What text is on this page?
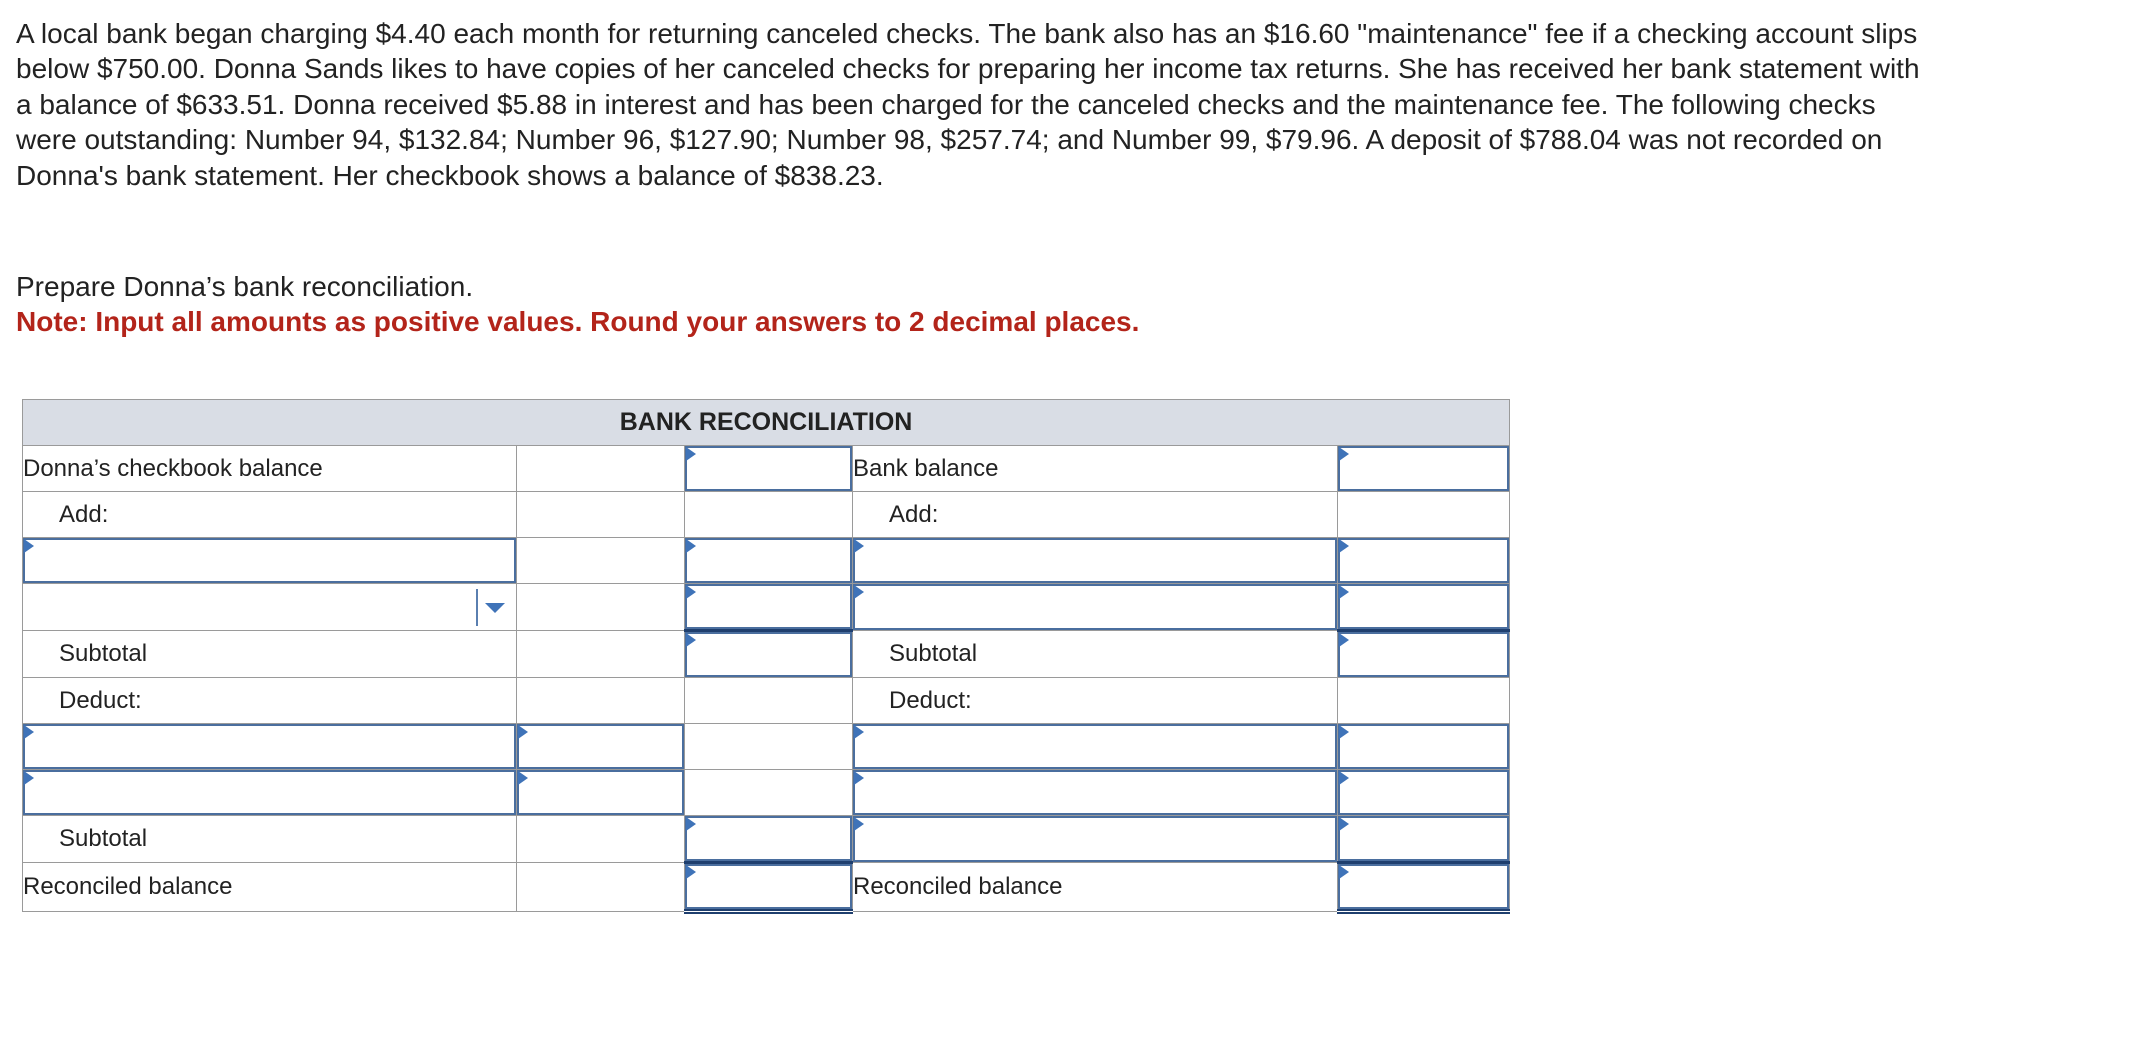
A local bank began charging $4.40 each month for returning canceled checks. The bank also has an $16.60 "maintenance" fee if a checking account slips below $750.00. Donna Sands likes to have copies of her canceled checks for preparing her income tax returns. She has received her bank statement with a balance of $633.51. Donna received $5.88 in interest and has been charged for the canceled checks and the maintenance fee. The following checks were outstanding: Number 94, $132.84; Number 96, $127.90; Number 98, $257.74; and Number 99, $79.96. A deposit of $788.04 was not recorded on Donna's bank statement. Her checkbook shows a balance of $838.23.

Prepare Donna’s bank reconciliation.

Note: Input all amounts as positive values. Round your answers to 2 decimal places.

BANK RECONCILIATION				
Donna’s checkbook balance			Bank balance	

Add:			Add:	

Subtotal			Subtotal	

Deduct:			Deduct:	

Subtotal		

Reconciled balance			Reconciled balance	
